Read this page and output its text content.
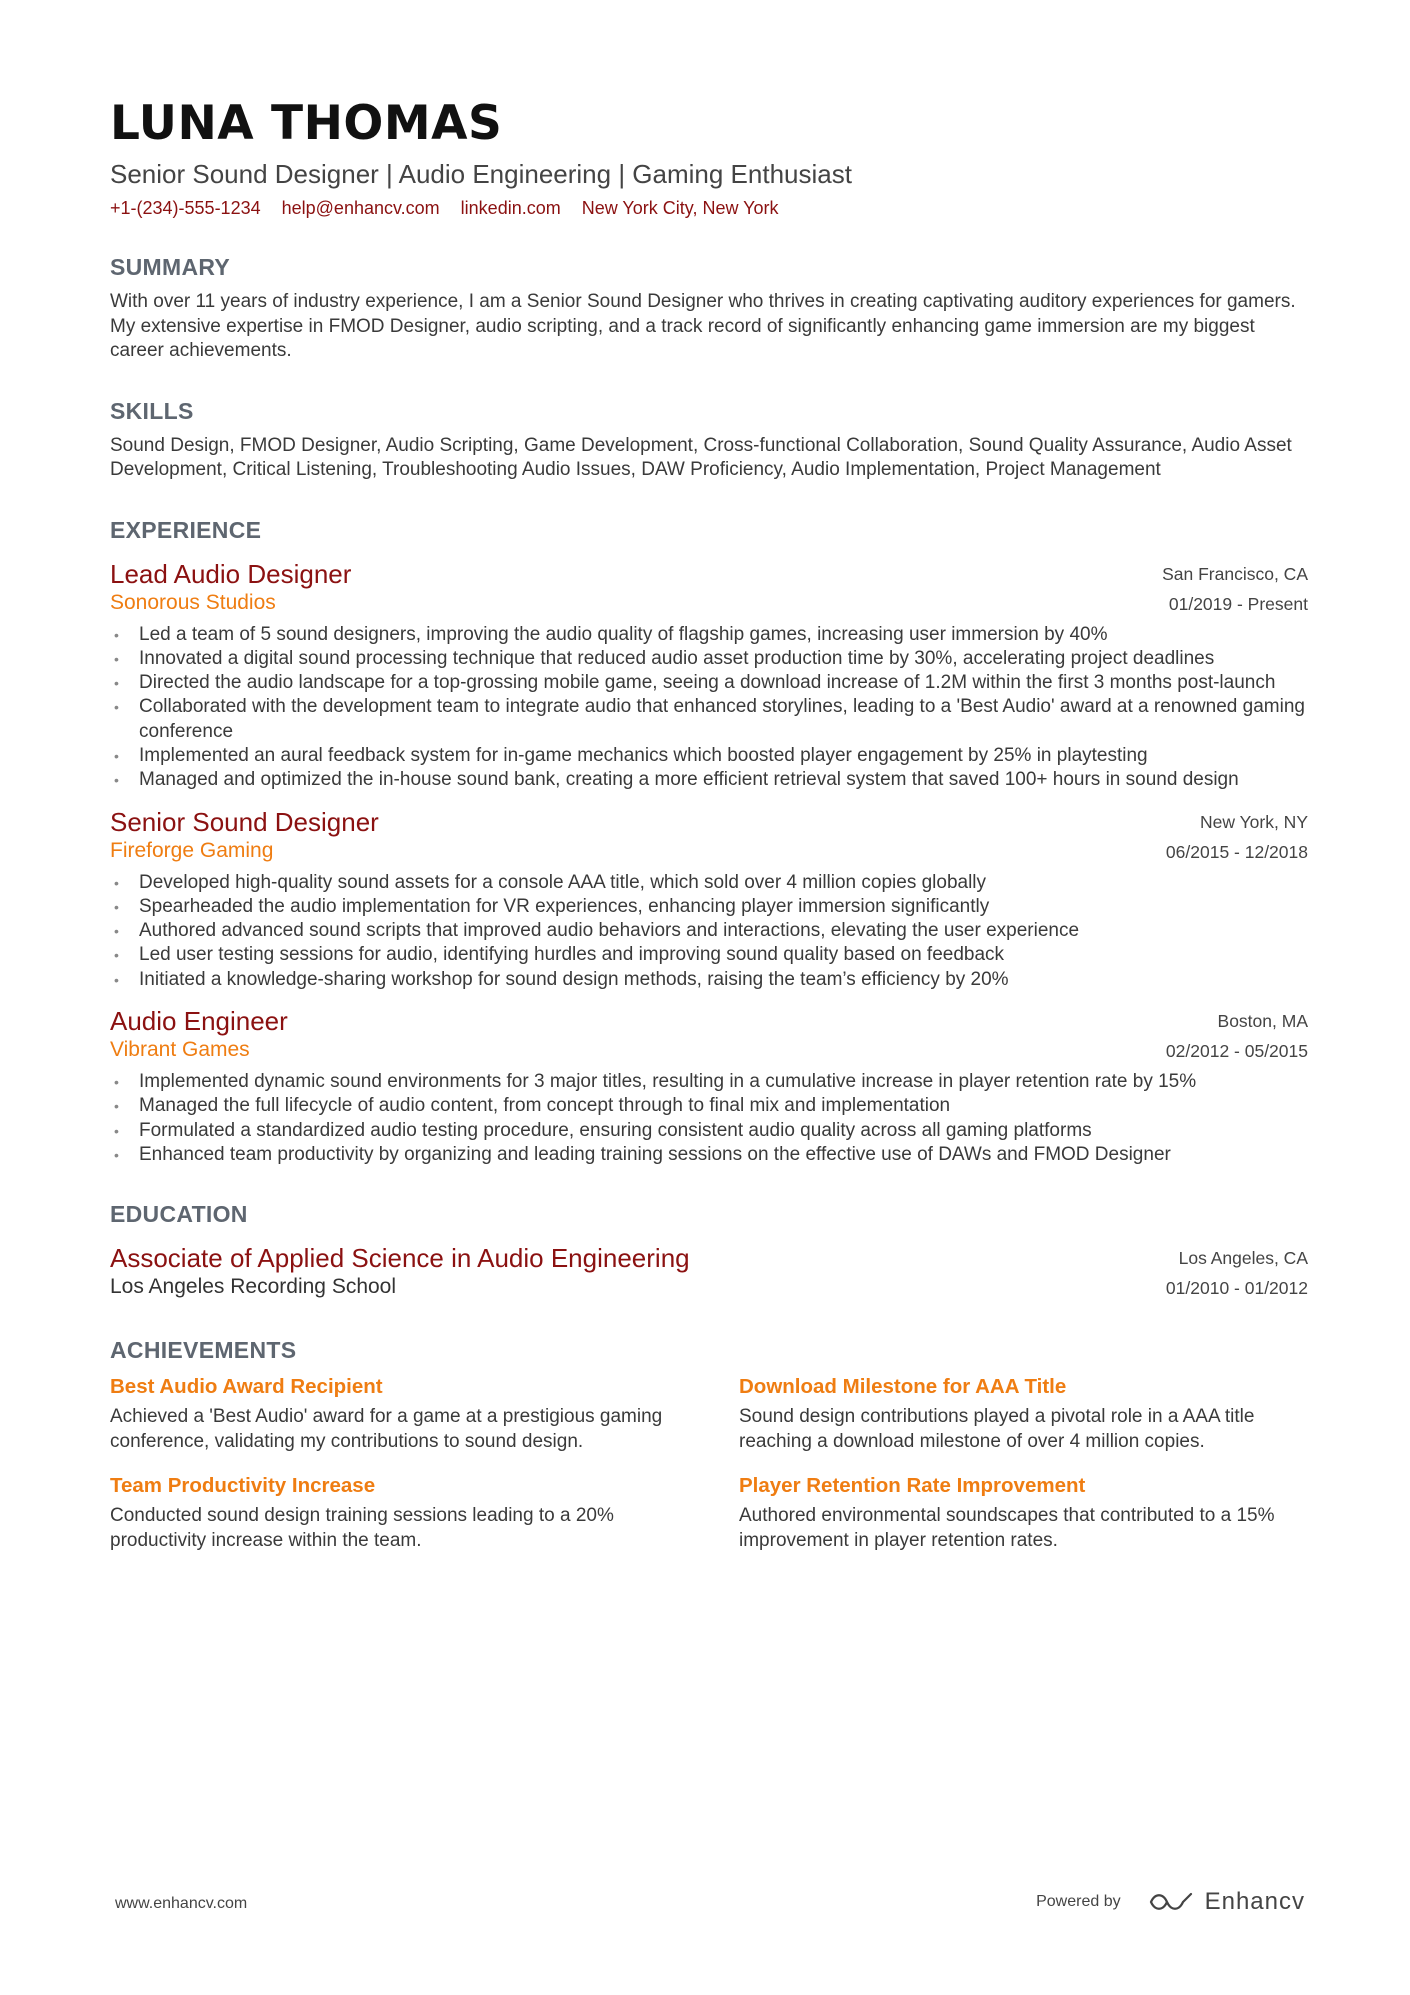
LUNA THOMAS
Senior Sound Designer | Audio Engineering | Gaming Enthusiast
+1-(234)-555-1234 help@enhancv.com linkedin.com New York City, New York
SUMMARY
With over 11 years of industry experience, I am a Senior Sound Designer who thrives in creating captivating auditory experiences for gamers. My extensive expertise in FMOD Designer, audio scripting, and a track record of significantly enhancing game immersion are my biggest career achievements.
SKILLS
Sound Design, FMOD Designer, Audio Scripting, Game Development, Cross-functional Collaboration, Sound Quality Assurance, Audio Asset Development, Critical Listening, Troubleshooting Audio Issues, DAW Proficiency, Audio Implementation, Project Management
EXPERIENCE
Lead Audio Designer
Sonorous Studios
San Francisco, CA
01/2019 - Present
• Led a team of 5 sound designers, improving the audio quality of flagship games, increasing user immersion by 40%
• Innovated a digital sound processing technique that reduced audio asset production time by 30%, accelerating project deadlines
• Directed the audio landscape for a top-grossing mobile game, seeing a download increase of 1.2M within the first 3 months post-launch
• Collaborated with the development team to integrate audio that enhanced storylines, leading to a 'Best Audio' award at a renowned gaming conference
• Implemented an aural feedback system for in-game mechanics which boosted player engagement by 25% in playtesting
• Managed and optimized the in-house sound bank, creating a more efficient retrieval system that saved 100+ hours in sound design
Senior Sound Designer
Fireforge Gaming
New York, NY
06/2015 - 12/2018
• Developed high-quality sound assets for a console AAA title, which sold over 4 million copies globally
• Spearheaded the audio implementation for VR experiences, enhancing player immersion significantly
• Authored advanced sound scripts that improved audio behaviors and interactions, elevating the user experience
• Led user testing sessions for audio, identifying hurdles and improving sound quality based on feedback
• Initiated a knowledge-sharing workshop for sound design methods, raising the team’s efficiency by 20%
Audio Engineer
Vibrant Games
Boston, MA
02/2012 - 05/2015
• Implemented dynamic sound environments for 3 major titles, resulting in a cumulative increase in player retention rate by 15%
• Managed the full lifecycle of audio content, from concept through to final mix and implementation
• Formulated a standardized audio testing procedure, ensuring consistent audio quality across all gaming platforms
• Enhanced team productivity by organizing and leading training sessions on the effective use of DAWs and FMOD Designer
EDUCATION
Associate of Applied Science in Audio Engineering
Los Angeles Recording School
Los Angeles, CA
01/2010 - 01/2012
ACHIEVEMENTS
Best Audio Award Recipient
Achieved a 'Best Audio' award for a game at a prestigious gaming conference, validating my contributions to sound design.
Download Milestone for AAA Title
Sound design contributions played a pivotal role in a AAA title reaching a download milestone of over 4 million copies.
Team Productivity Increase
Conducted sound design training sessions leading to a 20% productivity increase within the team.
Player Retention Rate Improvement
Authored environmental soundscapes that contributed to a 15% improvement in player retention rates.
www.enhancv.com	Powered by	Enhancv
